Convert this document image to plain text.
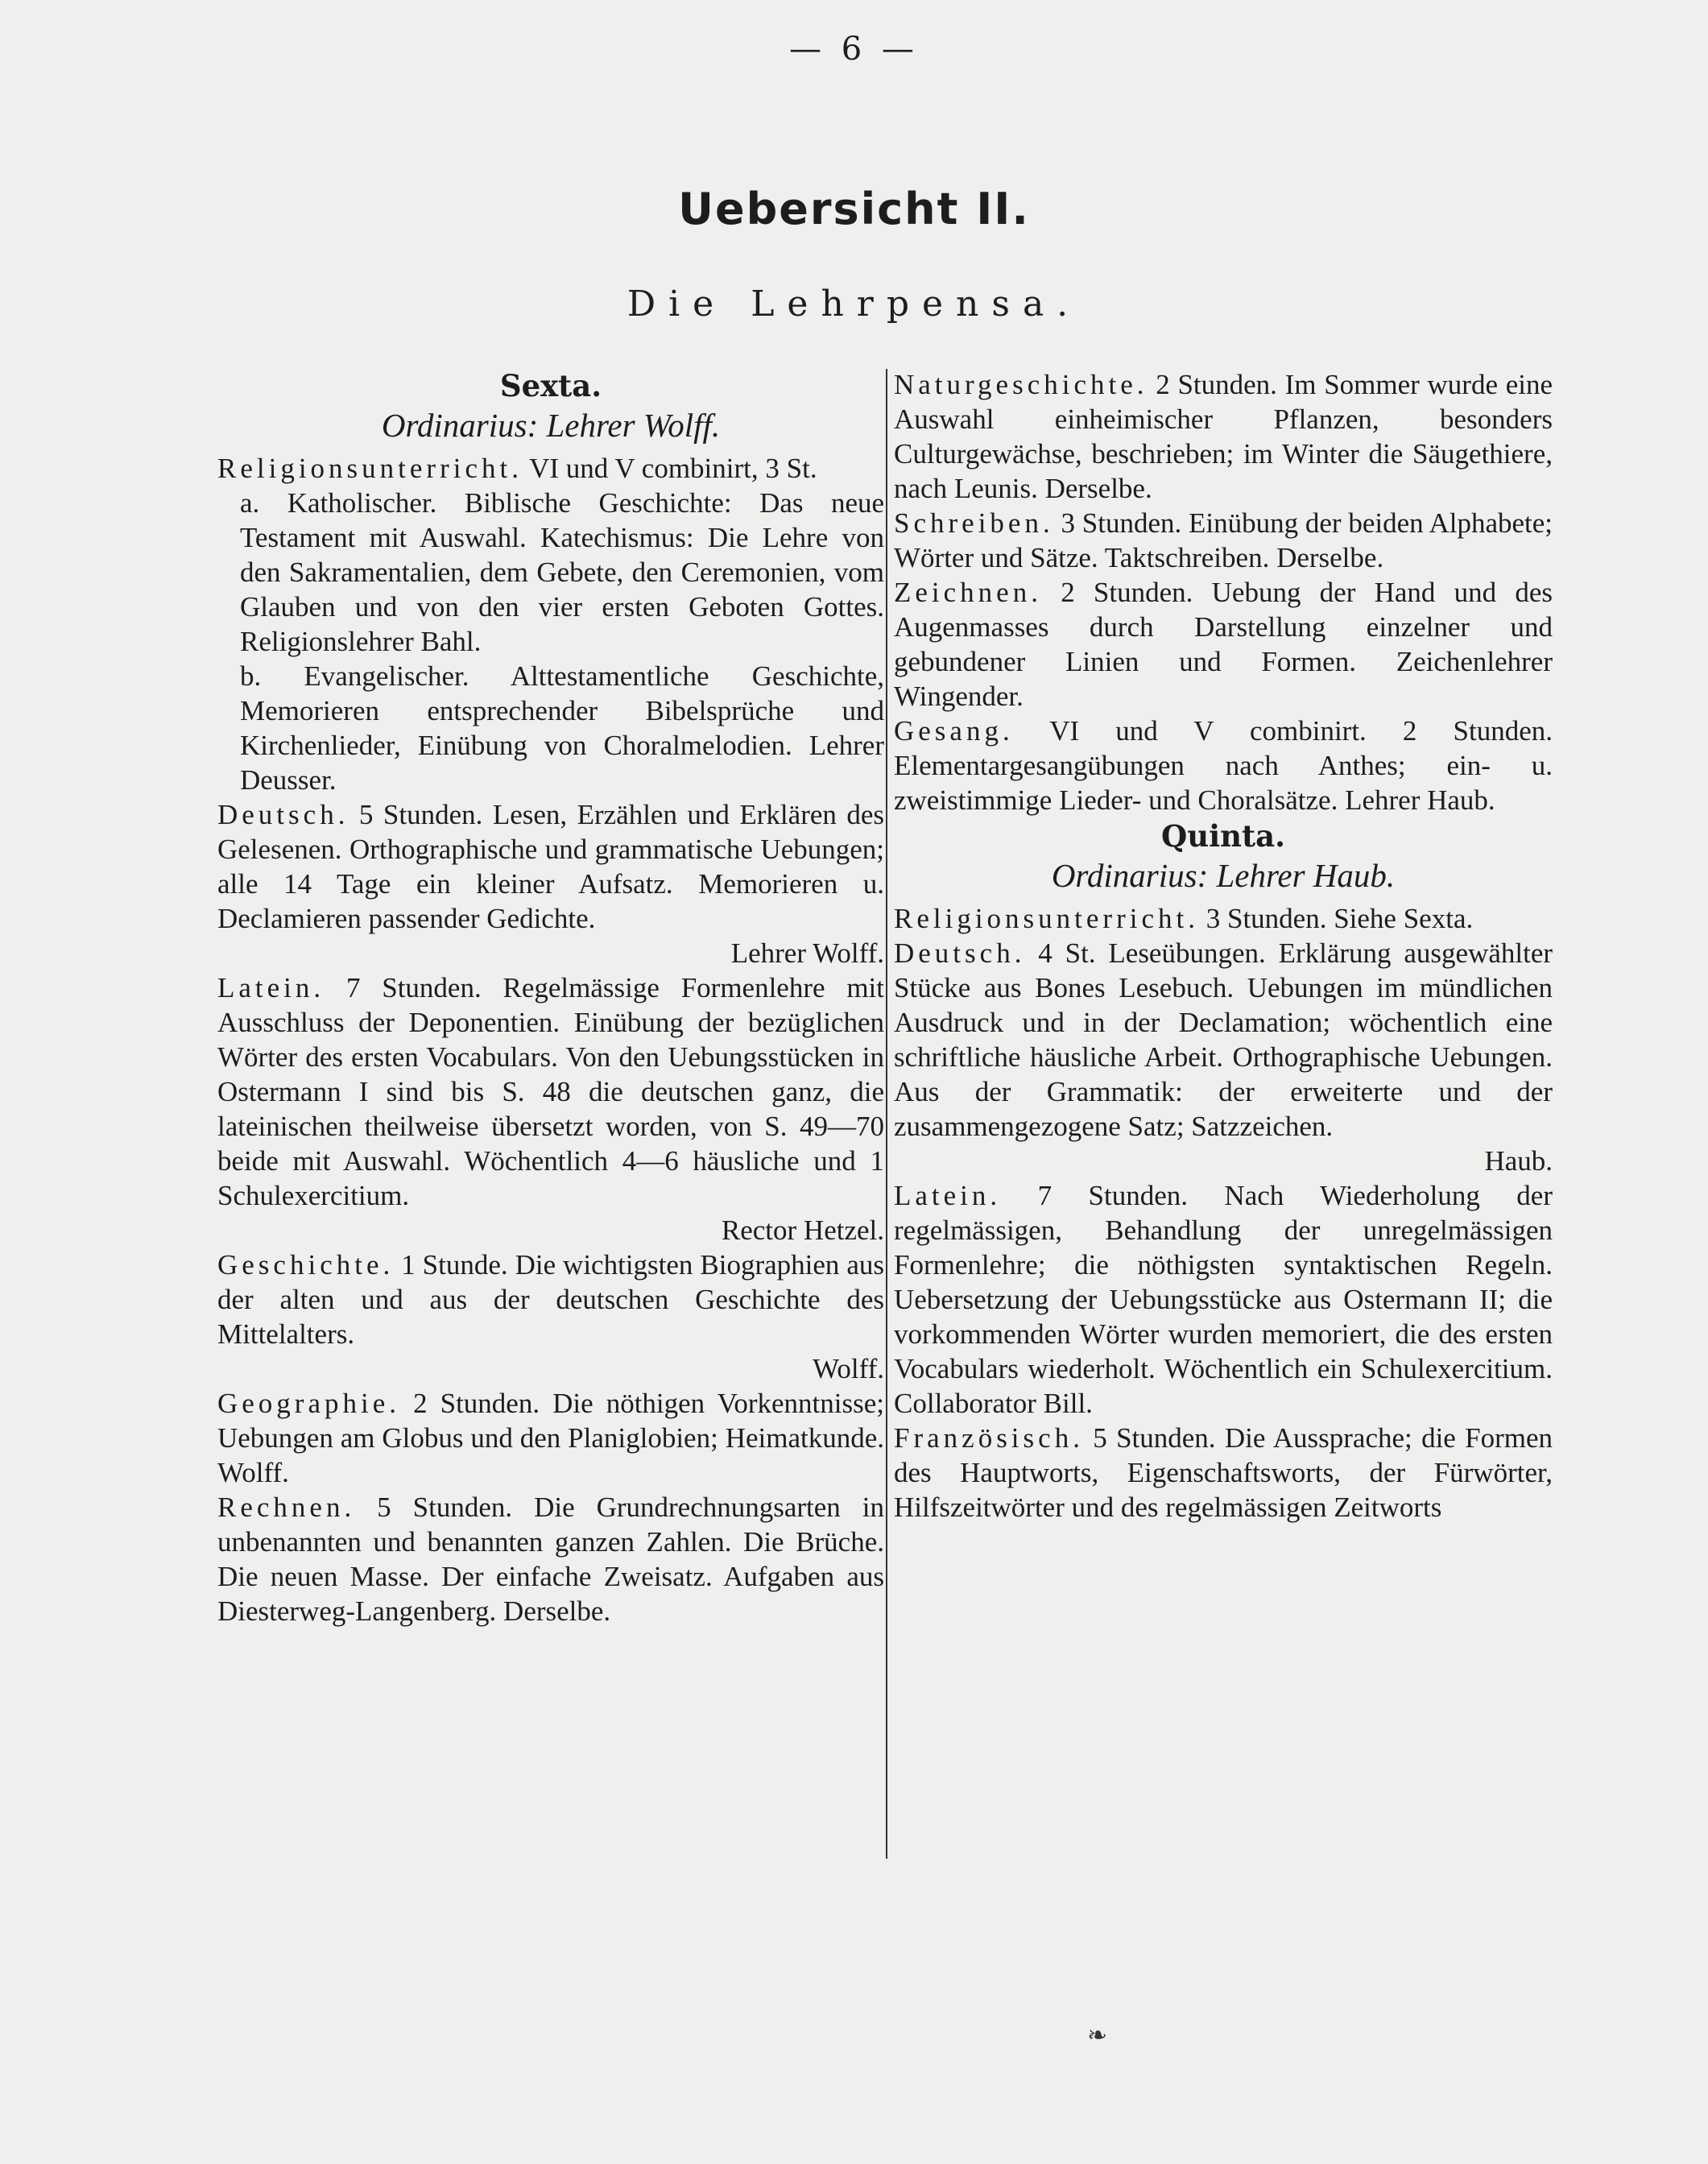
— 6 —
Uebersicht II.
Die Lehrpensa.
Sexta.
Ordinarius: Lehrer Wolff.

Religionsunterricht. VI und V combinirt, 3 St.

a. Katholischer. Biblische Geschichte: Das neue Testament mit Auswahl. Katechismus: Die Lehre von den Sakramentalien, dem Gebete, den Ceremonien, vom Glauben und von den vier ersten Geboten Gottes. Religionslehrer Bahl.

b. Evangelischer. Alttestamentliche Geschichte, Memorieren entsprechender Bibelsprüche und Kirchenlieder, Einübung von Choralmelodien. Lehrer Deusser.

Deutsch. 5 Stunden. Lesen, Erzählen und Erklären des Gelesenen. Orthographische und grammatische Uebungen; alle 14 Tage ein kleiner Aufsatz. Memorieren u. Declamieren passender Gedichte.
Lehrer Wolff.

Latein. 7 Stunden. Regelmässige Formenlehre mit Ausschluss der Deponentien. Einübung der bezüglichen Wörter des ersten Vocabulars. Von den Uebungsstücken in Ostermann I sind bis S. 48 die deutschen ganz, die lateinischen theilweise übersetzt worden, von S. 49—70 beide mit Auswahl. Wöchentlich 4—6 häusliche und 1 Schulexercitium.
Rector Hetzel.

Geschichte. 1 Stunde. Die wichtigsten Biographien aus der alten und aus der deutschen Geschichte des Mittelalters.
Wolff.

Geographie. 2 Stunden. Die nöthigen Vorkenntnisse; Uebungen am Globus und den Planiglobien; Heimatkunde. Wolff.

Rechnen. 5 Stunden. Die Grundrechnungsarten in unbenannten und benannten ganzen Zahlen. Die Brüche. Die neuen Masse. Der einfache Zweisatz. Aufgaben aus Diesterweg-Langenberg. Derselbe.

Naturgeschichte. 2 Stunden. Im Sommer wurde eine Auswahl einheimischer Pflanzen, besonders Culturgewächse, beschrieben; im Winter die Säugethiere, nach Leunis. Derselbe.

Schreiben. 3 Stunden. Einübung der beiden Alphabete; Wörter und Sätze. Taktschreiben. Derselbe.

Zeichnen. 2 Stunden. Uebung der Hand und des Augenmasses durch Darstellung einzelner und gebundener Linien und Formen. Zeichenlehrer Wingender.

Gesang. VI und V combinirt. 2 Stunden. Elementargesangübungen nach Anthes; ein- u. zweistimmige Lieder- und Choralsätze. Lehrer Haub.

Quinta.
Ordinarius: Lehrer Haub.

Religionsunterricht. 3 Stunden. Siehe Sexta.

Deutsch. 4 St. Leseübungen. Erklärung ausgewählter Stücke aus Bones Lesebuch. Uebungen im mündlichen Ausdruck und in der Declamation; wöchentlich eine schriftliche häusliche Arbeit. Orthographische Uebungen. Aus der Grammatik: der erweiterte und der zusammengezogene Satz; Satzzeichen.
Haub.

Latein. 7 Stunden. Nach Wiederholung der regelmässigen, Behandlung der unregelmässigen Formenlehre; die nöthigsten syntaktischen Regeln. Uebersetzung der Uebungsstücke aus Ostermann II; die vorkommenden Wörter wurden memoriert, die des ersten Vocabulars wiederholt. Wöchentlich ein Schulexercitium. Collaborator Bill.

Französisch. 5 Stunden. Die Aussprache; die Formen des Hauptworts, Eigenschaftsworts, der Fürwörter, Hilfszeitwörter und des regelmässigen Zeitworts

❧
